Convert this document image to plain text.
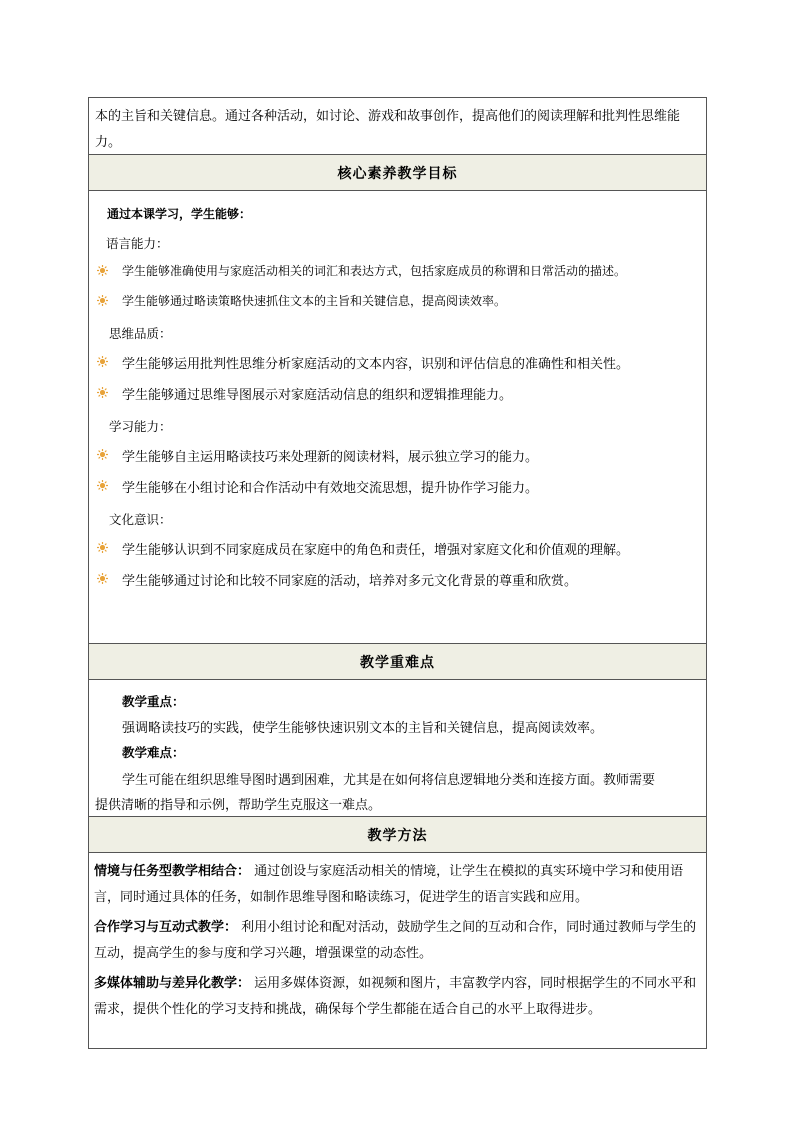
本的主旨和关键信息。通过各种活动，如讨论、游戏和故事创作，提高他们的阅读理解和批判性思维能力。
核心素养教学目标
通过本课学习，学生能够：
语言能力：
学生能够准确使用与家庭活动相关的词汇和表达方式，包括家庭成员的称谓和日常活动的描述。
学生能够通过略读策略快速抓住文本的主旨和关键信息，提高阅读效率。
思维品质：
学生能够运用批判性思维分析家庭活动的文本内容，识别和评估信息的准确性和相关性。
学生能够通过思维导图展示对家庭活动信息的组织和逻辑推理能力。
学习能力：
学生能够自主运用略读技巧来处理新的阅读材料，展示独立学习的能力。
学生能够在小组讨论和合作活动中有效地交流思想，提升协作学习能力。
文化意识：
学生能够认识到不同家庭成员在家庭中的角色和责任，增强对家庭文化和价值观的理解。
学生能够通过讨论和比较不同家庭的活动，培养对多元文化背景的尊重和欣赏。
教学重难点
教学重点：
强调略读技巧的实践，使学生能够快速识别文本的主旨和关键信息，提高阅读效率。
教学难点：
学生可能在组织思维导图时遇到困难，尤其是在如何将信息逻辑地分类和连接方面。教师需要
提供清晰的指导和示例，帮助学生克服这一难点。
教学方法

情境与任务型教学相结合： 通过创设与家庭活动相关的情境，让学生在模拟的真实环境中学习和使用语言，同时通过具体的任务，如制作思维导图和略读练习，促进学生的语言实践和应用。

合作学习与互动式教学： 利用小组讨论和配对活动，鼓励学生之间的互动和合作，同时通过教师与学生的互动，提高学生的参与度和学习兴趣，增强课堂的动态性。

多媒体辅助与差异化教学： 运用多媒体资源，如视频和图片，丰富教学内容，同时根据学生的不同水平和需求，提供个性化的学习支持和挑战，确保每个学生都能在适合自己的水平上取得进步。
